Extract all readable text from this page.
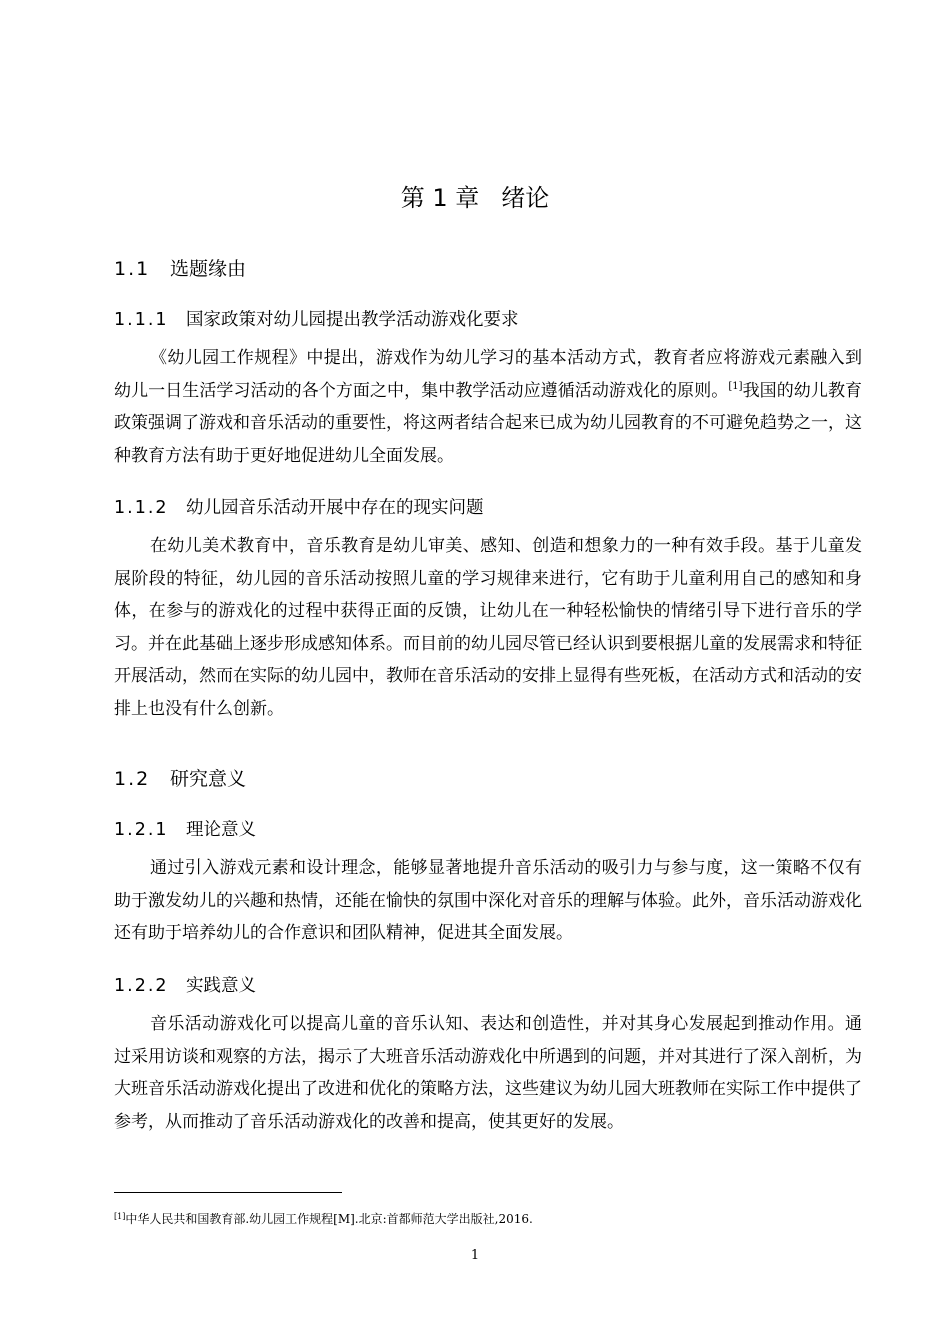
第 1 章 绪论
1.1 选题缘由
1.1.1 国家政策对幼儿园提出教学活动游戏化要求

《幼儿园工作规程》中提出，游戏作为幼儿学习的基本活动方式，教育者应将游戏元素融入到幼儿一日生活学习活动的各个方面之中，集中教学活动应遵循活动游戏化的原则。[1]我国的幼儿教育政策强调了游戏和音乐活动的重要性，将这两者结合起来已成为幼儿园教育的不可避免趋势之一，这种教育方法有助于更好地促进幼儿全面发展。

1.1.2 幼儿园音乐活动开展中存在的现实问题

在幼儿美术教育中，音乐教育是幼儿审美、感知、创造和想象力的一种有效手段。基于儿童发展阶段的特征，幼儿园的音乐活动按照儿童的学习规律来进行，它有助于儿童利用自己的感知和身体，在参与的游戏化的过程中获得正面的反馈，让幼儿在一种轻松愉快的情绪引导下进行音乐的学习。并在此基础上逐步形成感知体系。而目前的幼儿园尽管已经认识到要根据儿童的发展需求和特征开展活动，然而在实际的幼儿园中，教师在音乐活动的安排上显得有些死板，在活动方式和活动的安排上也没有什么创新。

1.2 研究意义
1.2.1 理论意义

通过引入游戏元素和设计理念，能够显著地提升音乐活动的吸引力与参与度，这一策略不仅有助于激发幼儿的兴趣和热情，还能在愉快的氛围中深化对音乐的理解与体验。此外，音乐活动游戏化还有助于培养幼儿的合作意识和团队精神，促进其全面发展。

1.2.2 实践意义

音乐活动游戏化可以提高儿童的音乐认知、表达和创造性，并对其身心发展起到推动作用。通过采用访谈和观察的方法，揭示了大班音乐活动游戏化中所遇到的问题，并对其进行了深入剖析，为大班音乐活动游戏化提出了改进和优化的策略方法，这些建议为幼儿园大班教师在实际工作中提供了参考，从而推动了音乐活动游戏化的改善和提高，使其更好的发展。

[1]中华人民共和国教育部.幼儿园工作规程[M].北京:首都师范大学出版社,2016.

1
